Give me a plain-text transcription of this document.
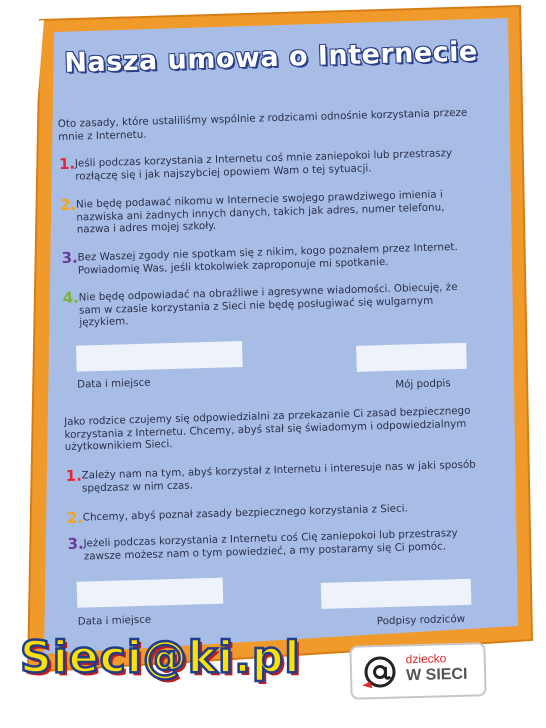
Nasza umowa o Internecie
Oto zasady, które ustaliliśmy wspólnie z rodzicami odnośnie korzystania przeze mnie z Internetu.
1. Jeśli podczas korzystania z Internetu coś mnie zaniepokoi lub przestraszy rozłączę się i jak najszybciej opowiem Wam o tej sytuacji.
2. Nie będę podawać nikomu w Internecie swojego prawdziwego imienia i nazwiska ani żadnych innych danych, takich jak adres, numer telefonu, nazwa i adres mojej szkoły.
3. Bez Waszej zgody nie spotkam się z nikim, kogo poznałem przez Internet. Powiadomię Was, jeśli ktokolwiek zaproponuje mi spotkanie.
4. Nie będę odpowiadać na obraźliwe i agresywne wiadomości. Obiecuję, że sam w czasie korzystania z Sieci nie będę posługiwać się wulgarnym językiem.
Data i miejsce	Mój podpis
Jako rodzice czujemy się odpowiedzialni za przekazanie Ci zasad bezpiecznego korzystania z Internetu. Chcemy, abyś stał się świadomym i odpowiedzialnym użytkownikiem Sieci.
1. Zależy nam na tym, abyś korzystał z Internetu i interesuje nas w jaki sposób spędzasz w nim czas.
2. Chcemy, abyś poznał zasady bezpiecznego korzystania z Sieci.
3. Jeżeli podczas korzystania z Internetu coś Cię zaniepokoi lub przestraszy zawsze możesz nam o tym powiedzieć, a my postaramy się Ci pomóc.
Data i miejsce	Podpisy rodziców
Sieci@ki.pl	dziecko
W SIECI
